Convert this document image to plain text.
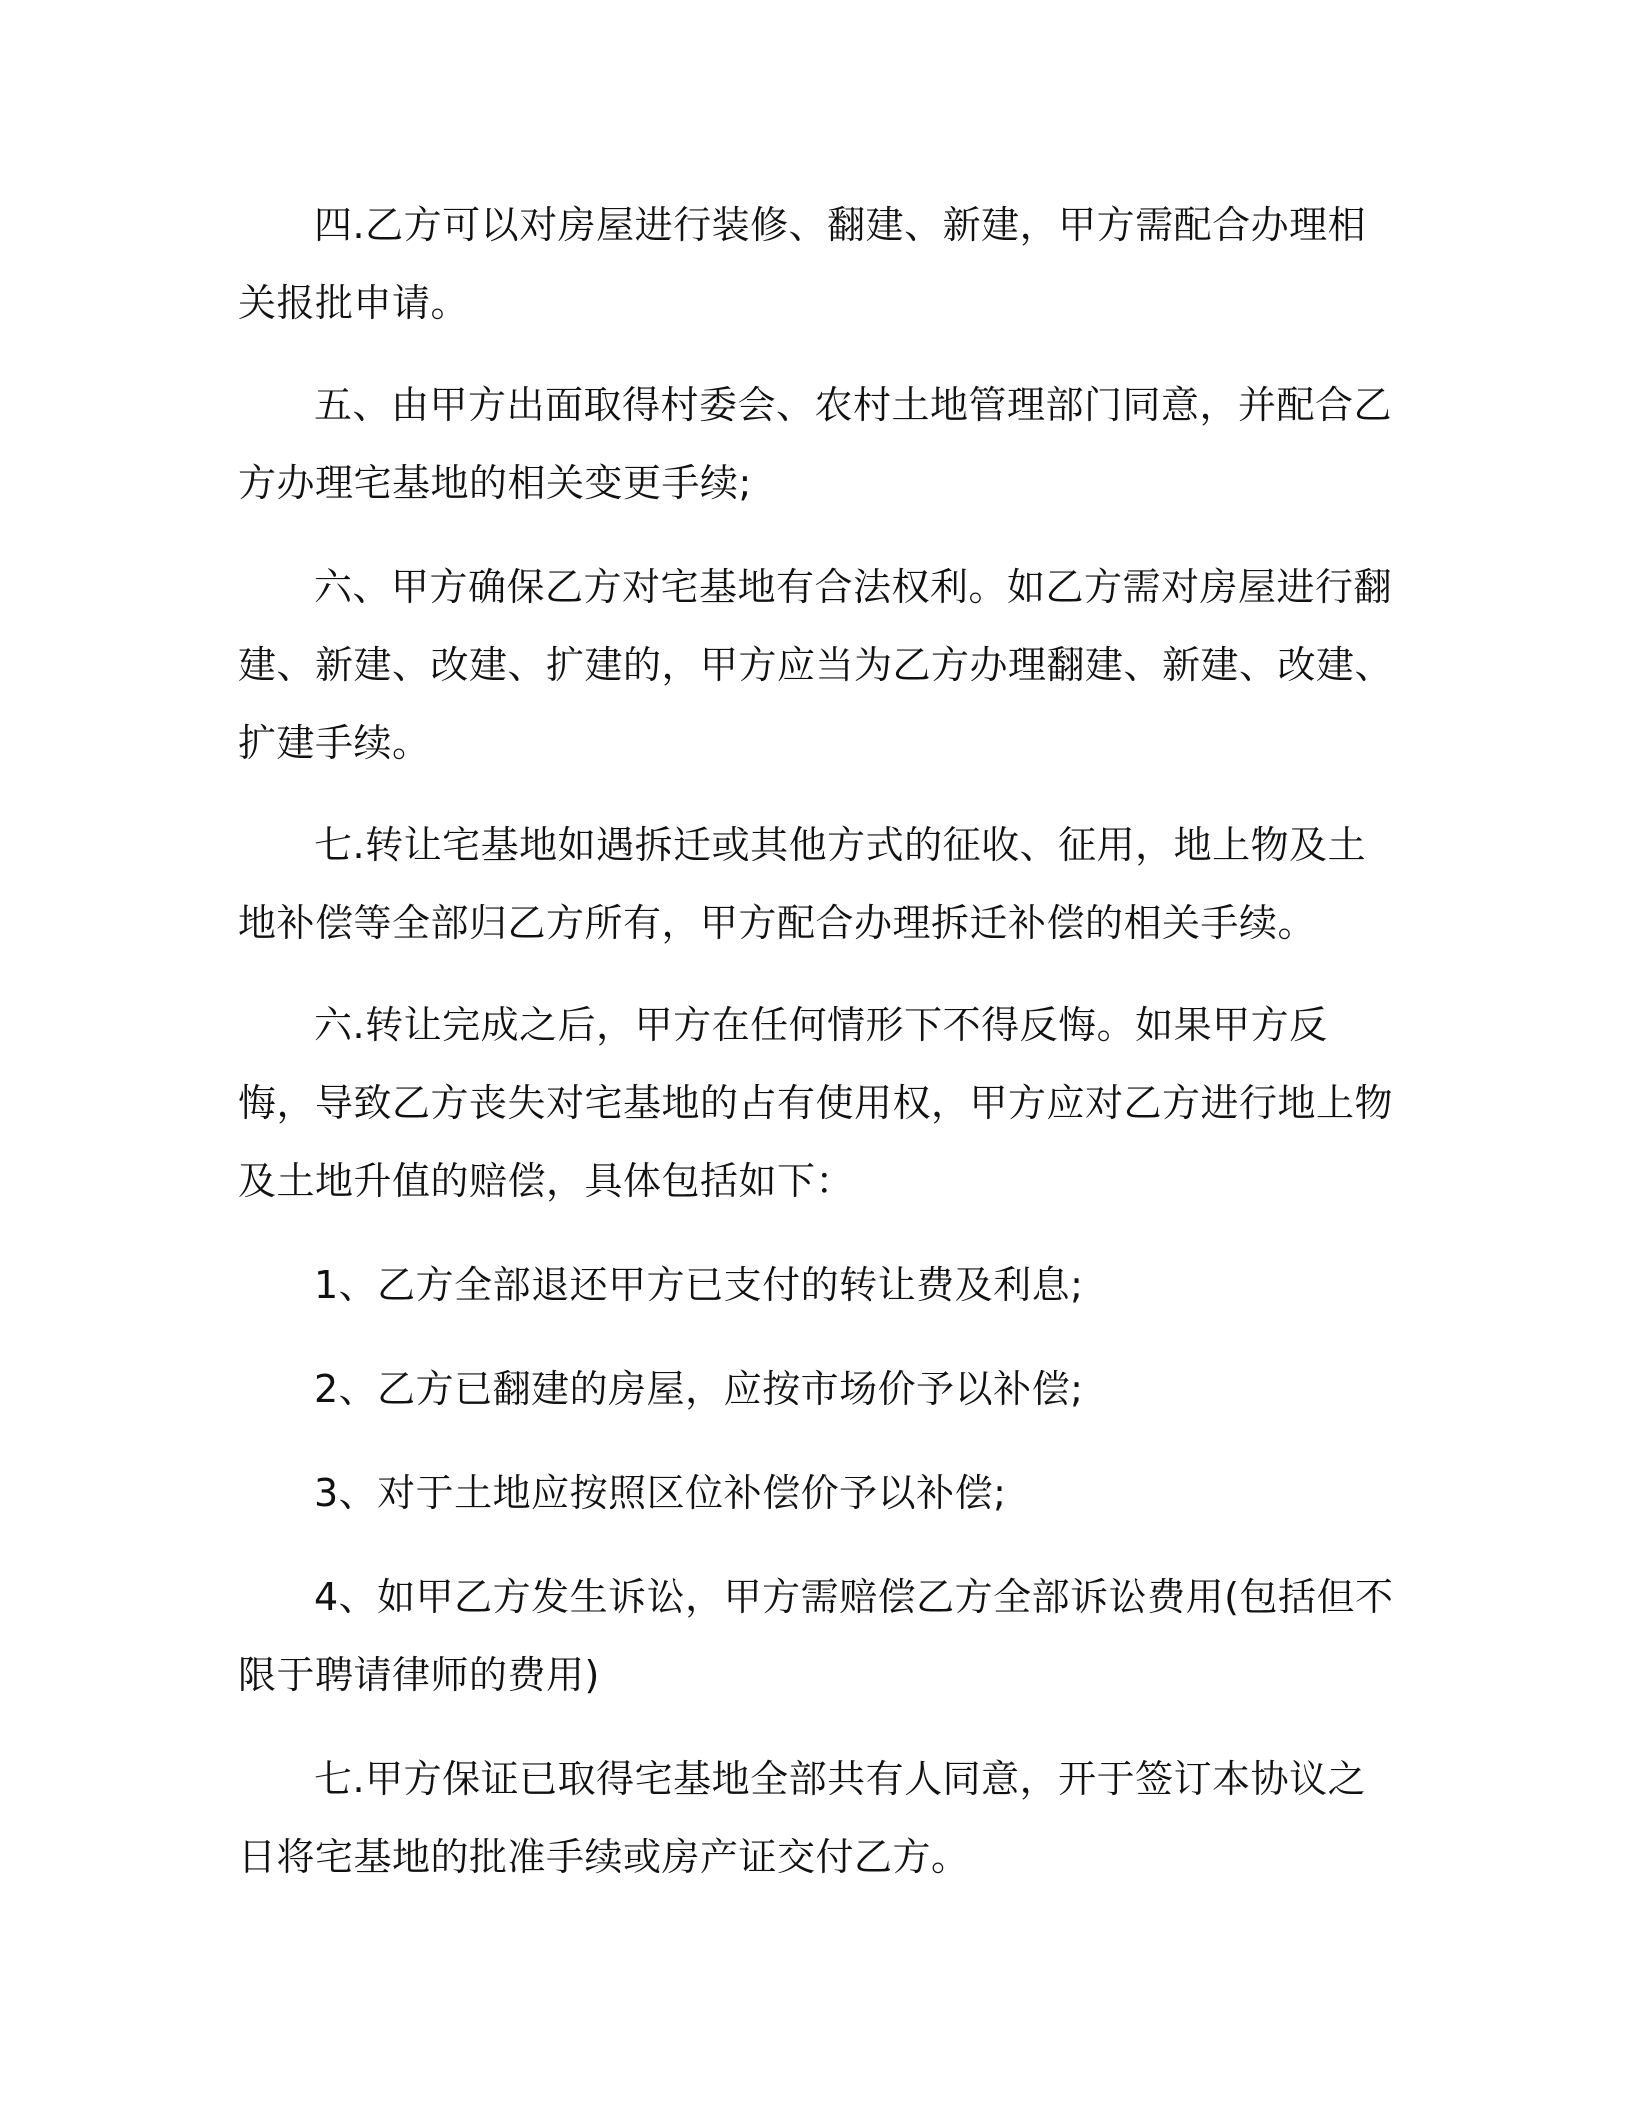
四.乙方可以对房屋进行装修、翻建、新建，甲方需配合办理相关报批申请。

五、由甲方出面取得村委会、农村土地管理部门同意，并配合乙方办理宅基地的相关变更手续;

六、甲方确保乙方对宅基地有合法权利。如乙方需对房屋进行翻建、新建、改建、扩建的，甲方应当为乙方办理翻建、新建、改建、扩建手续。

七.转让宅基地如遇拆迁或其他方式的征收、征用，地上物及土地补偿等全部归乙方所有，甲方配合办理拆迁补偿的相关手续。

六.转让完成之后，甲方在任何情形下不得反悔。如果甲方反悔，导致乙方丧失对宅基地的占有使用权，甲方应对乙方进行地上物及土地升值的赔偿，具体包括如下：

1、乙方全部退还甲方已支付的转让费及利息;

2、乙方已翻建的房屋，应按市场价予以补偿;

3、对于土地应按照区位补偿价予以补偿;

4、如甲乙方发生诉讼，甲方需赔偿乙方全部诉讼费用(包括但不限于聘请律师的费用)

七.甲方保证已取得宅基地全部共有人同意，开于签订本协议之日将宅基地的批准手续或房产证交付乙方。
